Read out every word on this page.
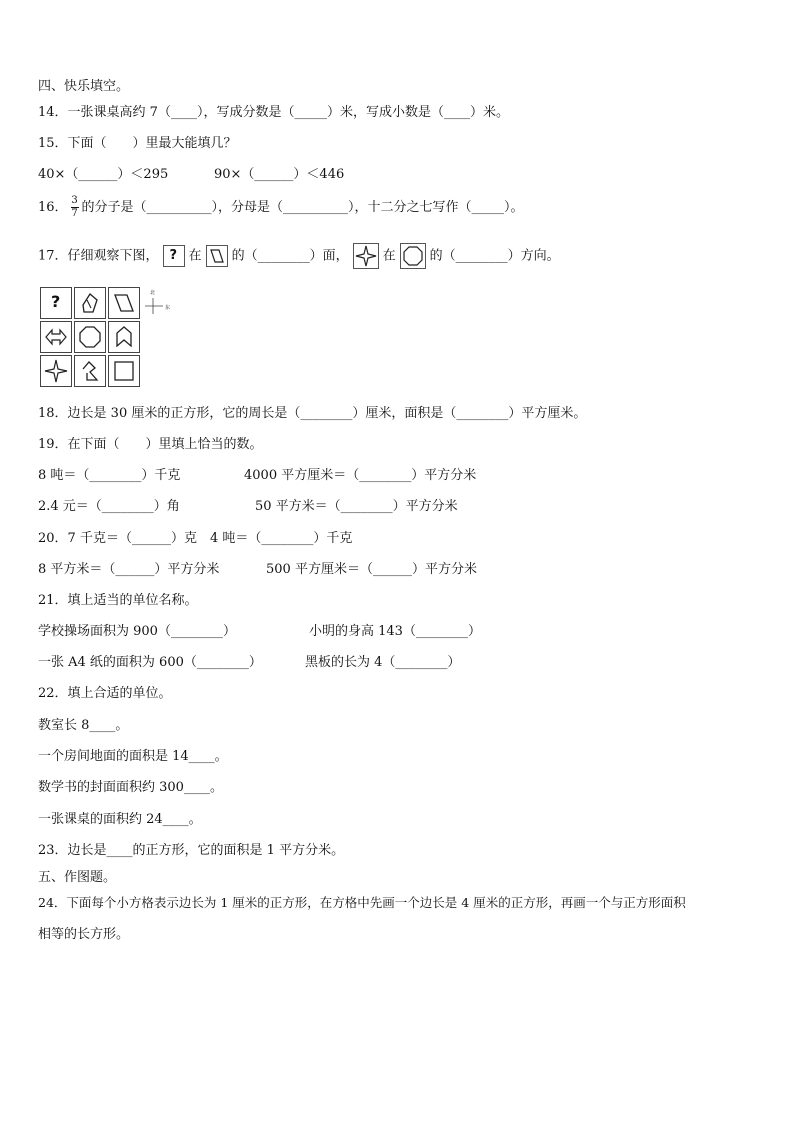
四、快乐填空。
14．一张课桌高约 7（____），写成分数是（_____）米，写成小数是（____）米。
15．下面（　　）里最大能填几？
40×（______）＜295	90×（______）＜446
16． $\frac{3}{7}$ 的分子是（__________），分母是（__________），十二分之七写作（_____）。
17．仔细观察下图， ? 在 的（________）面，	在	的（________）方向。
?	北
东
18．边长是 30 厘米的正方形，它的周长是（________）厘米，面积是（________）平方厘米。
19．在下面（　　）里填上恰当的数。
8 吨＝（________）千克	4000 平方厘米＝（________）平方分米
2.4 元＝（________）角	50 平方米＝（________）平方分米
20．7 千克＝（______）克　4 吨＝（________）千克
8 平方米＝（______）平方分米	500 平方厘米＝（______）平方分米
21．填上适当的单位名称。
学校操场面积为 900（________）	小明的身高 143（________）
一张 A4 纸的面积为 600（________）	黑板的长为 4（________）
22．填上合适的单位。
教室长 8____。
一个房间地面的面积是 14____。
数学书的封面面积约 300____。
一张课桌的面积约 24____。
23．边长是____的正方形，它的面积是 1 平方分米。
五、作图题。
24．下面每个小方格表示边长为 1 厘米的正方形，在方格中先画一个边长是 4 厘米的正方形，再画一个与正方形面积
相等的长方形。
